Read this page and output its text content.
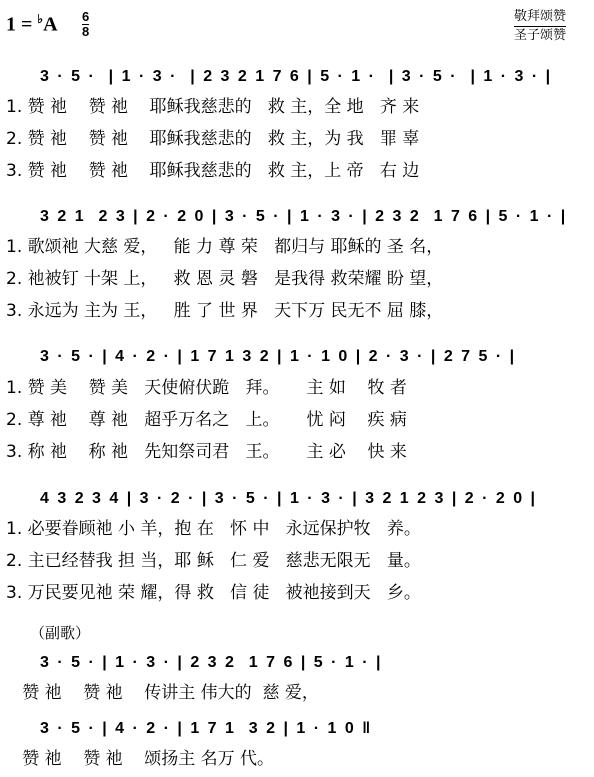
1 = ♭A 6
8
敬拜颂赞
圣子颂赞
3 · 5 ·  | 1 · 3 ·  | 2 3 2 1 7 6 | 5 · 1 ·  | 3 · 5 ·  | 1 · 3 · |
1. 赞 祂    赞 祂    耶稣我慈悲的   救 主，全 地   齐 来
2. 赞 祂    赞 祂    耶稣我慈悲的   救 主，为 我   罪 辜
3. 赞 祂    赞 祂    耶稣我慈悲的   救 主，上 帝   右 边
3 2 1  2 3 | 2 · 2 0 | 3 · 5 · | 1 · 3 · | 2 3 2  1 7 6 | 5 · 1 · |
1. 歌颂祂 大慈 爱，   能 力 尊 荣   都归与 耶稣的 圣 名，
2. 祂被钉 十架 上，   救 恩 灵 磐   是我得 救荣耀 盼 望，
3. 永远为 主为 王，   胜 了 世 界   天下万 民无不 屈 膝，
3 · 5 · | 4 · 2 · | 1 7 1 3 2 | 1 · 1 0 | 2 · 3 · | 2 7 5 · |
1. 赞 美    赞 美   天使俯伏跪   拜。     主 如    牧 者
2. 尊 祂    尊 祂   超乎万名之   上。     忧 闷    疾 病
3. 称 祂    称 祂   先知祭司君   王。     主 必    快 来
4 3 2 3 4 | 3 · 2 · | 3 · 5 · | 1 · 3 · | 3 2 1 2 3 | 2 · 2 0 |
1. 必要眷顾祂 小 羊，抱 在   怀 中   永远保护牧   养。
2. 主已经替我 担 当，耶 稣   仁 爱   慈悲无限无   量。
3. 万民要见祂 荣 耀，得 救   信 徒   被祂接到天   乡。
（副歌）
3 · 5 · | 1 · 3 · | 2 3 2  1 7 6 | 5 · 1 · |
赞 祂    赞 祂    传讲主 伟大的  慈 爱，
3 · 5 · | 4 · 2 · | 1 7 1  3 2 | 1 · 1 0 ‖
赞 祂    赞 祂    颂扬主 名万 代。
